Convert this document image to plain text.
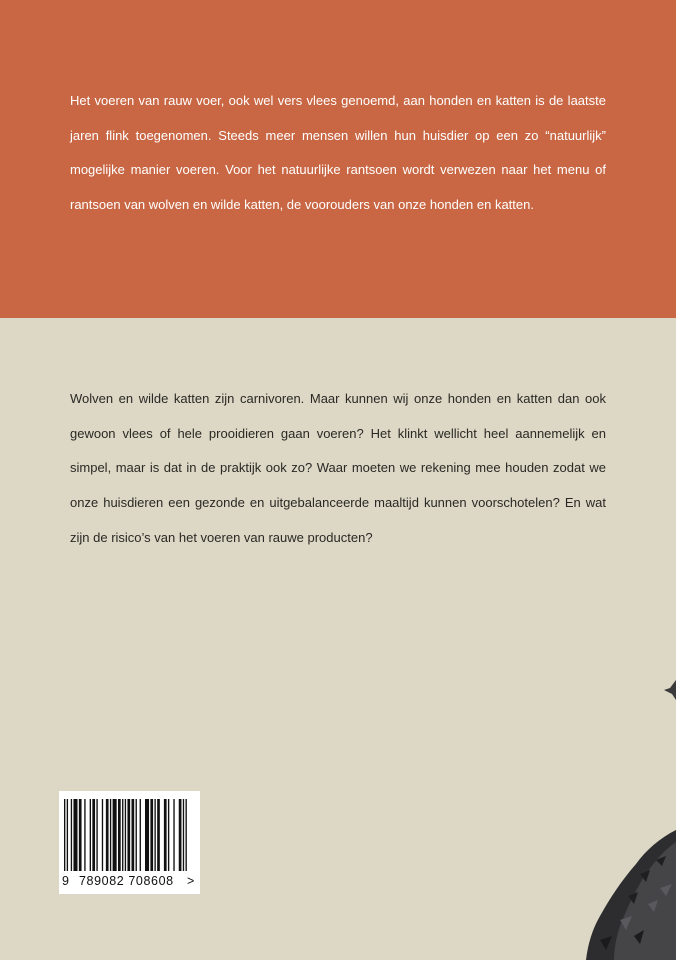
Het voeren van rauw voer, ook wel vers vlees genoemd, aan honden en katten is de laatste jaren flink toegenomen. Steeds meer mensen willen hun huisdier op een zo “natuurlijk” mogelijke manier voeren. Voor het natuurlijke rantsoen wordt verwezen naar het menu of rantsoen van wolven en wilde katten, de voorouders van onze honden en katten.

Wolven en wilde katten zijn carnivoren. Maar kunnen wij onze honden en katten dan ook gewoon vlees of hele prooidieren gaan voeren? Het klinkt wellicht heel aannemelijk en simpel, maar is dat in de praktijk ook zo? Waar moeten we rekening mee houden zodat we onze huisdieren een gezonde en uitgebalanceerde maaltijd kunnen voorschotelen? En wat zijn de risico’s van het voeren van rauwe producten?

9 789082 708608 >
